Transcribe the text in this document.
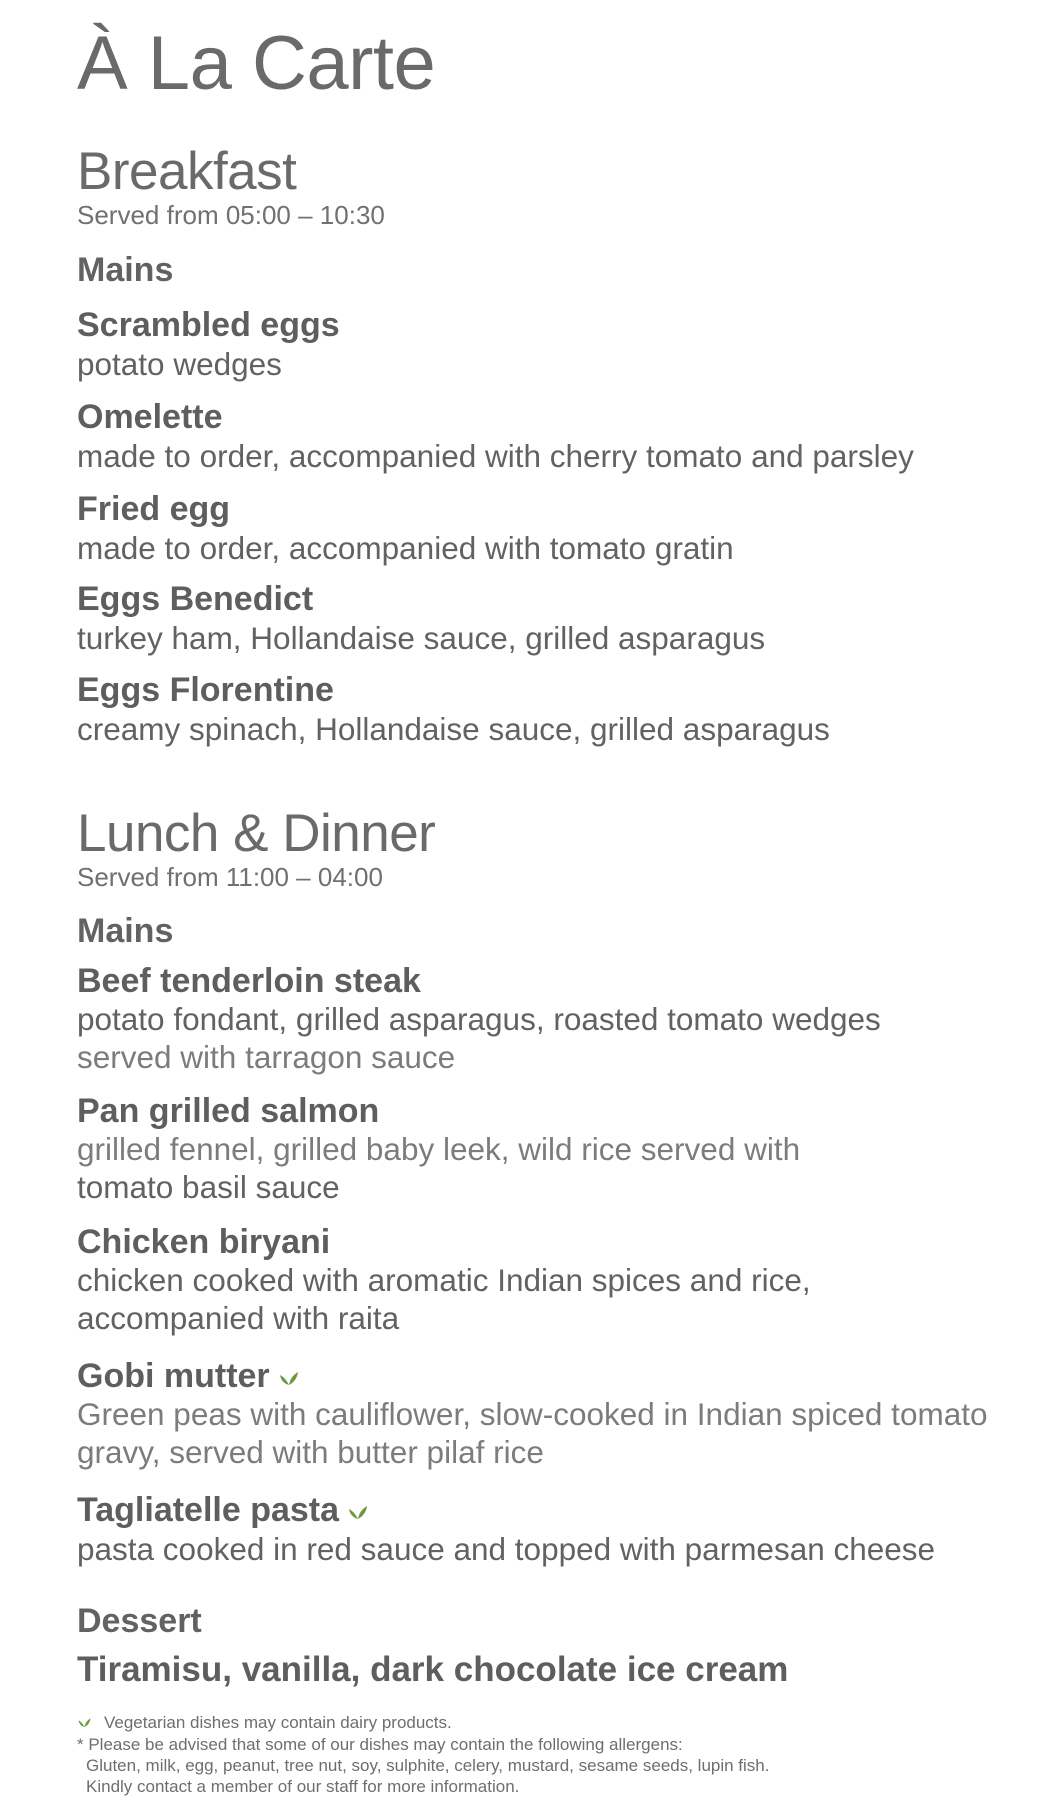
À La Carte
Breakfast
Served from 05:00 – 10:30
Mains
Scrambled eggs
potato wedges
Omelette
made to order, accompanied with cherry tomato and parsley
Fried egg
made to order, accompanied with tomato gratin
Eggs Benedict
turkey ham, Hollandaise sauce, grilled asparagus
Eggs Florentine
creamy spinach, Hollandaise sauce, grilled asparagus
Lunch & Dinner
Served from 11:00 – 04:00
Mains
Beef tenderloin steak
potato fondant, grilled asparagus, roasted tomato wedges
served with tarragon sauce
Pan grilled salmon
grilled fennel, grilled baby leek, wild rice served with
tomato basil sauce
Chicken biryani
chicken cooked with aromatic Indian spices and rice,
accompanied with raita
Gobi mutter
Green peas with cauliflower, slow-cooked in Indian spiced tomato
gravy, served with butter pilaf rice
Tagliatelle pasta
pasta cooked in red sauce and topped with parmesan cheese
Dessert
Tiramisu, vanilla, dark chocolate ice cream
Vegetarian dishes may contain dairy products.
* Please be advised that some of our dishes may contain the following allergens:
Gluten, milk, egg, peanut, tree nut, soy, sulphite, celery, mustard, sesame seeds, lupin fish.
Kindly contact a member of our staff for more information.
